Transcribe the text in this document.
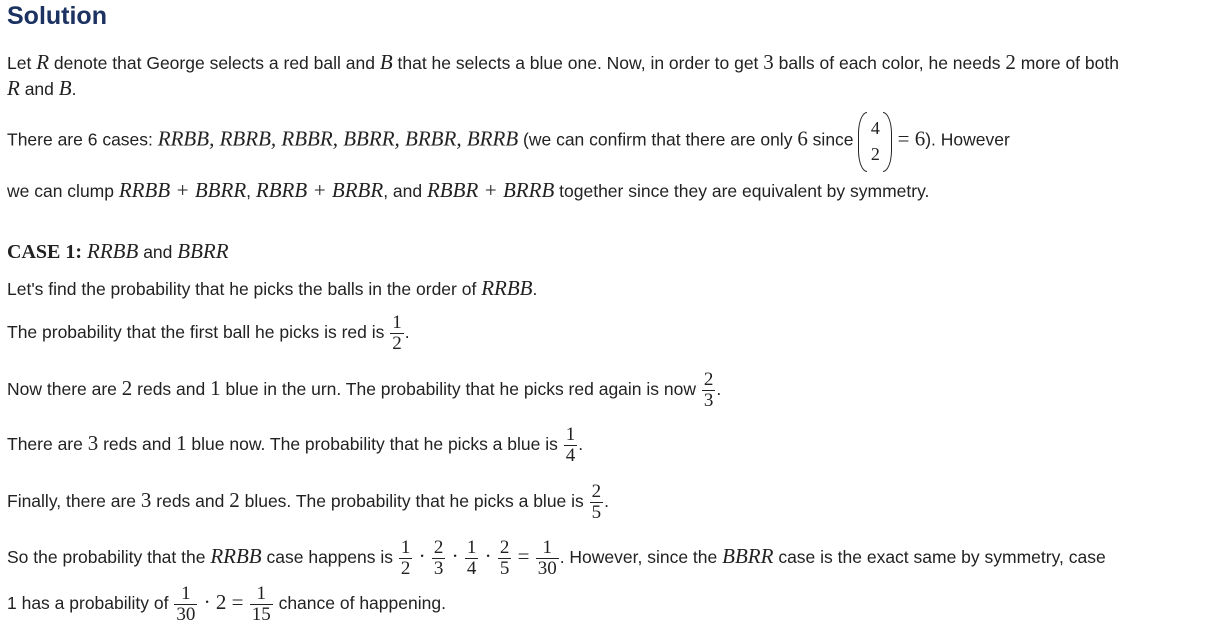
Solution
Let R denote that George selects a red ball and B that he selects a blue one. Now, in order to get 3 balls of each color, he needs 2 more of both
R and B.
There are 6 cases: RRBB, RBRB, RBBR, BBRR, BRBR, BRRB (we can confirm that there are only 6 since
4
2
= 6). However
we can clump RRBB + BBRR, RBRB + BRBR, and RBBR + BRRB together since they are equivalent by symmetry.
CASE 1: RRBB and BBRR
Let's find the probability that he picks the balls in the order of RRBB.
The probability that the first ball he picks is red is $\frac{1}{2}$ .
Now there are 2 reds and 1 blue in the urn. The probability that he picks red again is now $\frac{2}{3}$ .
There are 3 reds and 1 blue now. The probability that he picks a blue is $\frac{1}{4}$ .
Finally, there are 3 reds and 2 blues. The probability that he picks a blue is $\frac{2}{5}$ .
So the probability that the RRBB case happens is $\frac{1}{2} \cdot \frac{2}{3} \cdot \frac{1}{4} \cdot \frac{2}{5} = \frac{1}{30}$ . However, since the BBRR case is the exact same by symmetry, case
1 has a probability of $\frac{1}{30} \cdot 2 = \frac{1}{15}$ chance of happening.
